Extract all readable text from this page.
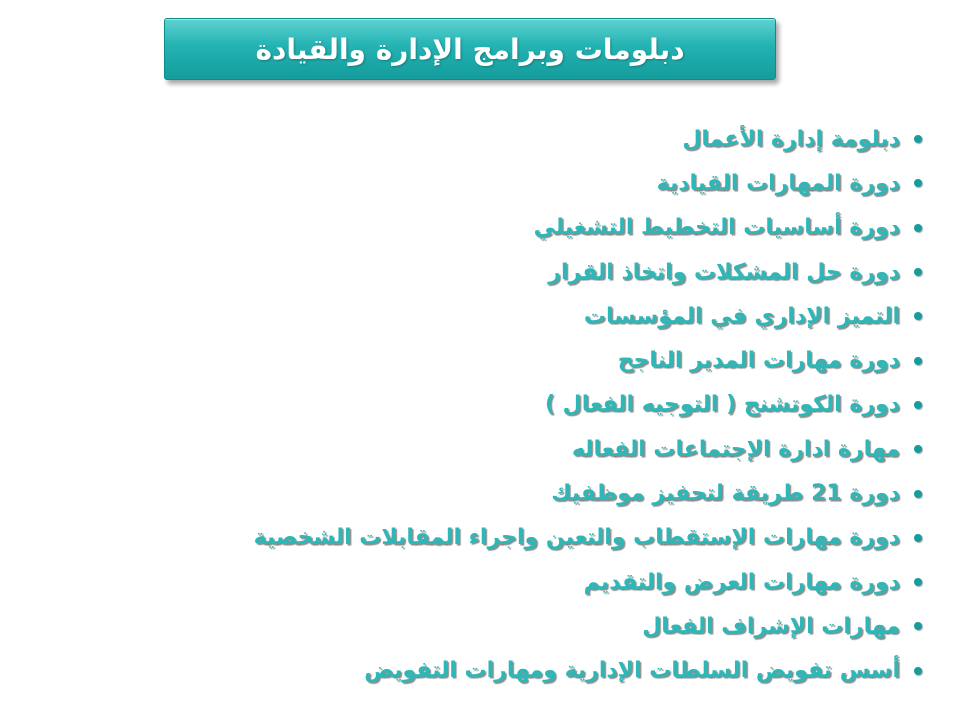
دبلومات وبرامج الإدارة والقيادة
دبلومة إدارة الأعمال
دورة المهارات القيادية
دورة أساسيات التخطيط التشغيلي
دورة حل المشكلات واتخاذ القرار
التميز الإداري في المؤسسات
دورة مهارات المدير الناجح
دورة الكوتشنج ( التوجيه الفعال )
مهارة ادارة الإجتماعات الفعاله
دورة 21 طريقة لتحفيز موظفيك
دورة مهارات الإستقطاب والتعين واجراء المقابلات الشخصية
دورة مهارات العرض والتقديم
مهارات الإشراف الفعال
أسس تفويض السلطات الإدارية ومهارات التفويض
